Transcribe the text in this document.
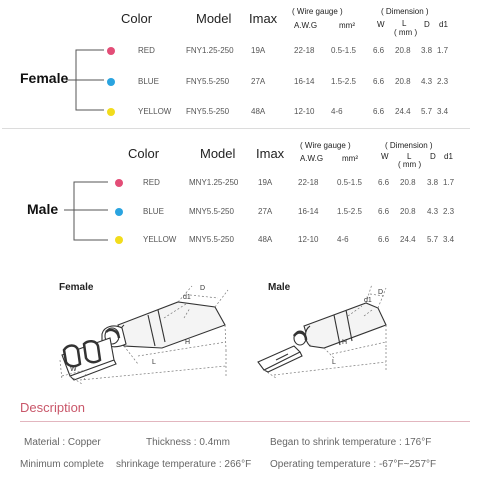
Color	Model Imax ( Wire gauge )
A.W.G	mm²
( Dimension )
W L
( mm )
D d1
Female
RED	FNY1.25-250 19A	22-18 0.5-1.5 6.6 20.8 3.8 1.7
BLUE	FNY5.5-250	27A	16-14 1.5-2.5 6.6 20.8 4.3 2.3
YELLOW FNY5.5-250	48A	12-10 4-6	6.6 24.4 5.7 3.4
Color	Model Imax
( Wire gauge )
A.W.G mm²
( Dimension )
W L
( mm )
D d1
Male
RED	MNY1.25-250 19A	22-18 0.5-1.5 6.6 20.8 3.8 1.7
BLUE	MNY5.5-250	27A	16-14 1.5-2.5 6.6 20.8 4.3 2.3
YELLOW MNY5.5-250	48A	12-10 4-6	6.6 24.4 5.7 3.4
Female	Male
D
d1
H
L
W
D
d1
H
L
Description
Material : Copper	Thickness : 0.4mm	Began to shrink temperature : 176°F
Minimum complete shrinkage temperature : 266°F Operating temperature : -67°F~257°F
